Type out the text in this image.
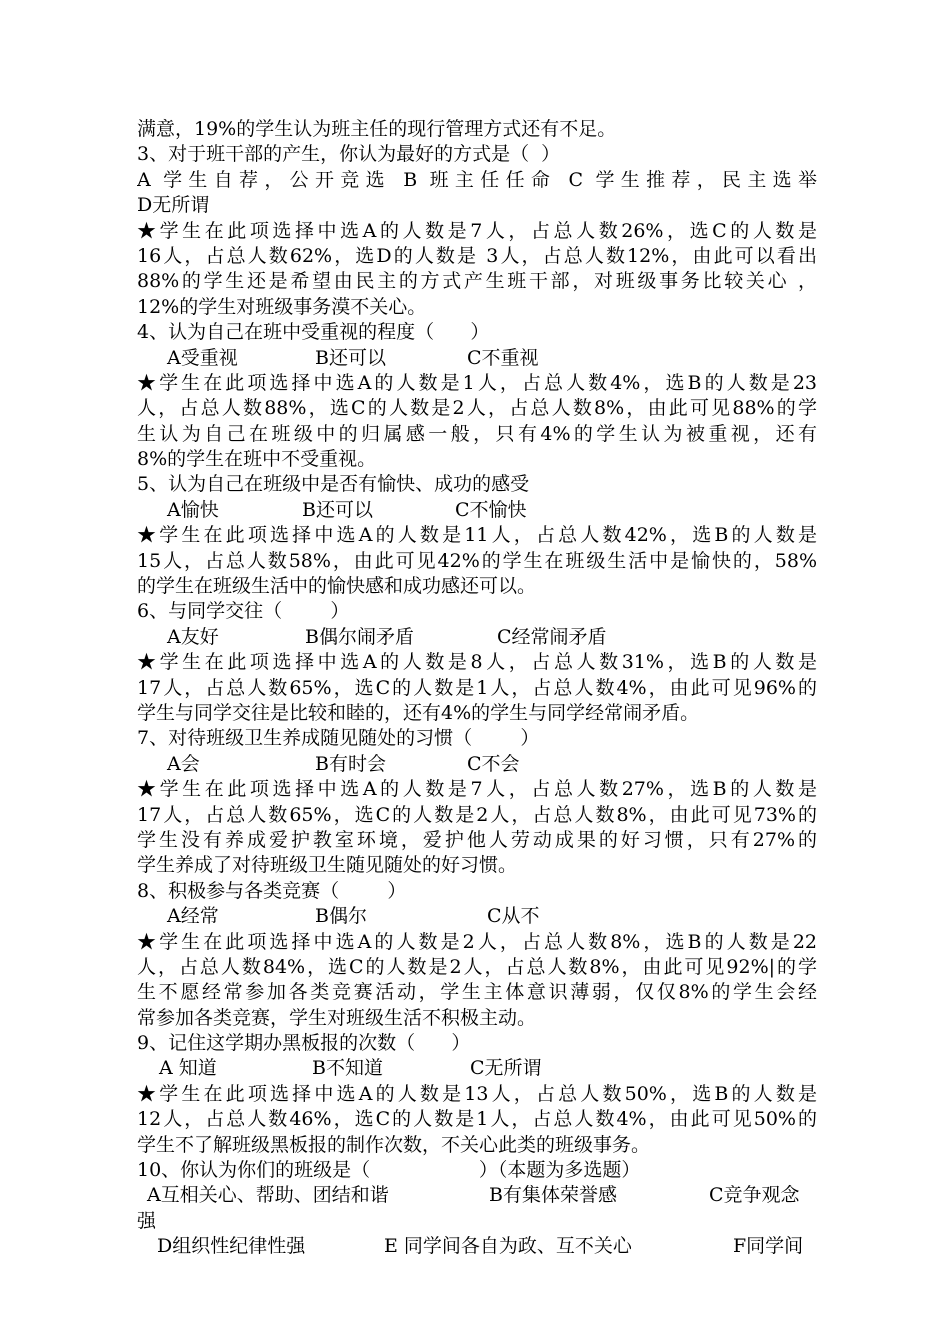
满意，19%的学生认为班主任的现行管理方式还有不足。
3、对于班干部的产生，你认为最好的方式是（  ）
A 学生自荐，公开竞选 B 班主任任命 C 学生推荐，民主选举
D无所谓
★学生在此项选择中选A的人数是7人，占总人数26%，选C的人数是
16人，占总人数62%，选D的人数是 3人，占总人数12%，由此可以看出
88%的学生还是希望由民主的方式产生班干部，对班级事务比较关心 ，
12%的学生对班级事务漠不关心。
4、认为自己在班中受重视的程度（      ）
A受重视	B还可以	C不重视
★学生在此项选择中选A的人数是1人，占总人数4%，选B的人数是23
人，占总人数88%，选C的人数是2人，占总人数8%，由此可见88%的学
生认为自己在班级中的归属感一般，只有4%的学生认为被重视，还有
8%的学生在班中不受重视。
5、认为自己在班级中是否有愉快、成功的感受
A愉快	B还可以	C不愉快
★学生在此项选择中选A的人数是11人，占总人数42%，选B的人数是
15人，占总人数58%，由此可见42%的学生在班级生活中是愉快的，58%
的学生在班级生活中的愉快感和成功感还可以。
6、与同学交往（        ）
A友好	B偶尔闹矛盾	C经常闹矛盾
★学生在此项选择中选A的人数是8人，占总人数31%，选B的人数是
17人，占总人数65%，选C的人数是1人，占总人数4%，由此可见96%的
学生与同学交往是比较和睦的，还有4%的学生与同学经常闹矛盾。
7、对待班级卫生养成随见随处的习惯（        ）
A会	B有时会	C不会
★学生在此项选择中选A的人数是7人，占总人数27%，选B的人数是
17人，占总人数65%，选C的人数是2人，占总人数8%，由此可见73%的
学生没有养成爱护教室环境，爱护他人劳动成果的好习惯，只有27%的
学生养成了对待班级卫生随见随处的好习惯。
8、积极参与各类竞赛（        ）
A经常	B偶尔	C从不
★学生在此项选择中选A的人数是2人，占总人数8%，选B的人数是22
人，占总人数84%，选C的人数是2人，占总人数8%，由此可见92%|的学
生不愿经常参加各类竞赛活动，学生主体意识薄弱，仅仅8%的学生会经
常参加各类竞赛，学生对班级生活不积极主动。
9、记住这学期办黑板报的次数（      ）
A 知道	B不知道	C无所谓
★学生在此项选择中选A的人数是13人，占总人数50%，选B的人数是
12人，占总人数46%，选C的人数是1人，占总人数4%，由此可见50%的
学生不了解班级黑板报的制作次数，不关心此类的班级事务。
10、你认为你们的班级是（                  ）（本题为多选题）
A互相关心、帮助、团结和谐	B有集体荣誉感	C竞争观念
强
D组织性纪律性强	E 同学间各自为政、互不关心	F同学间
